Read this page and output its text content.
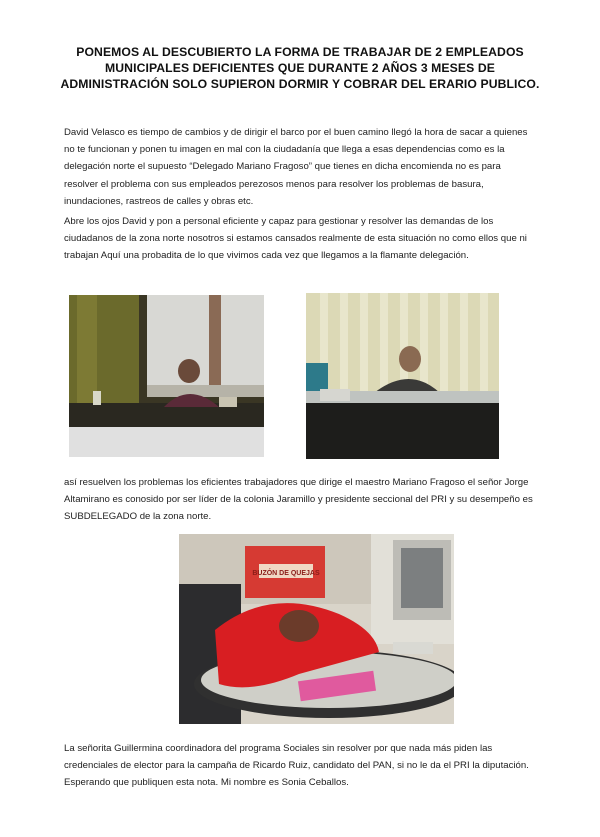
PONEMOS AL DESCUBIERTO LA FORMA DE TRABAJAR DE 2 EMPLEADOS MUNICIPALES DEFICIENTES QUE DURANTE 2 AÑOS 3 MESES DE ADMINISTRACIÓN SOLO SUPIERON DORMIR Y COBRAR DEL ERARIO PUBLICO.
David Velasco es tiempo de cambios y de dirigir el barco por el buen camino llegó la hora de sacar a quienes no te funcionan y ponen tu imagen en mal con la ciudadanía que llega a esas dependencias como es la delegación norte el supuesto “Delegado Mariano Fragoso” que tienes en dicha encomienda no es para resolver el problema con sus empleados perezosos menos para resolver los problemas de basura, inundaciones, rastreos de calles y obras etc.
Abre los ojos David y pon a personal eficiente y capaz para gestionar y resolver las demandas de los ciudadanos de la zona norte nosotros si estamos cansados realmente de esta situación no como ellos que ni trabajan Aquí una probadita de lo que vivimos cada vez que llegamos a la flamante delegación.
así resuelven los problemas los eficientes trabajadores que dirige el maestro Mariano Fragoso el señor Jorge Altamirano es conosido por ser líder de la colonia Jaramillo y presidente seccional del PRI y su desempeño es SUBDELEGADO de la zona norte.
BUZÓN DE QUEJAS
La señorita Guillermina coordinadora del programa Sociales sin resolver por que nada más piden las credenciales de elector para la campaña de Ricardo Ruiz, candidato del PAN, si no le da el PRI la diputación. Esperando que publiquen esta nota. Mi nombre es Sonia Ceballos.
